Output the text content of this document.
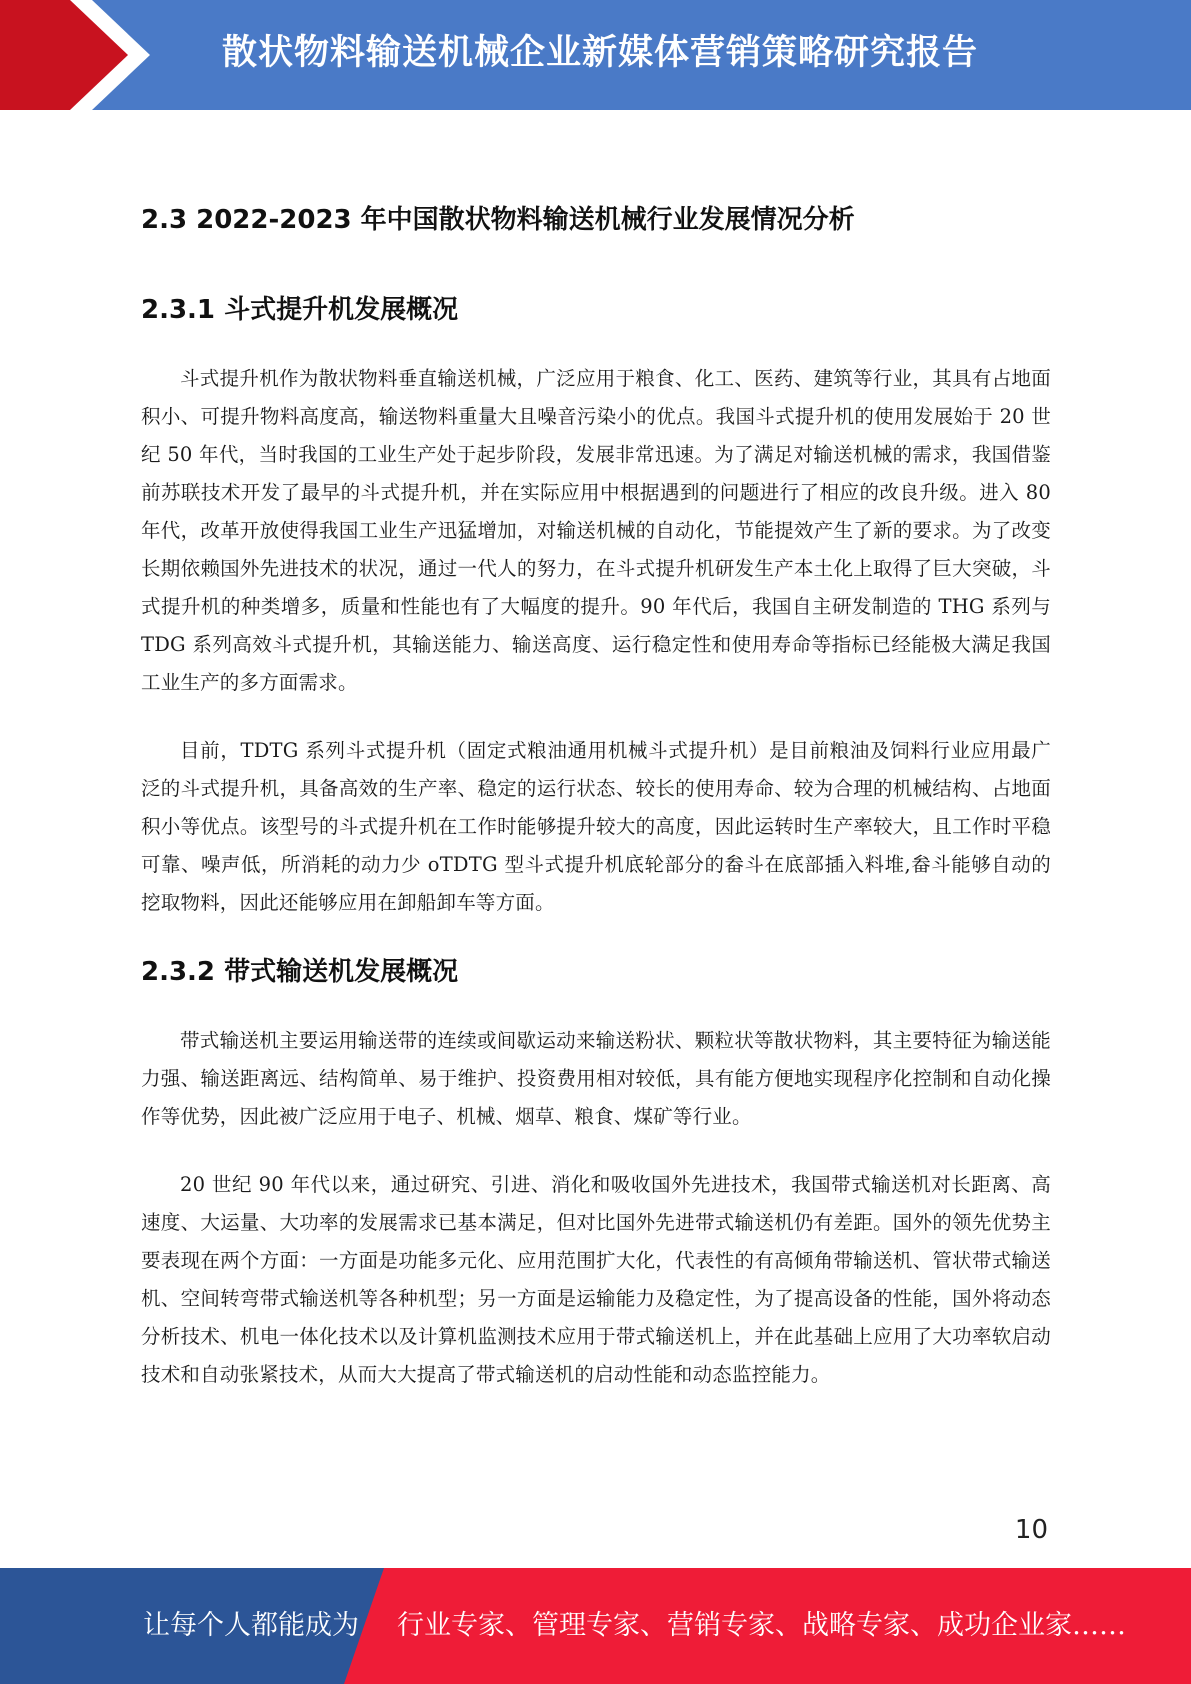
散状物料输送机械企业新媒体营销策略研究报告
2.3 2022-2023 年中国散状物料输送机械行业发展情况分析
2.3.1 斗式提升机发展概况

斗式提升机作为散状物料垂直输送机械，广泛应用于粮食、化工、医药、建筑等行业，其具有占地面积小、可提升物料高度高，输送物料重量大且噪音污染小的优点。我国斗式提升机的使用发展始于 20 世纪 50 年代，当时我国的工业生产处于起步阶段，发展非常迅速。为了满足对输送机械的需求，我国借鉴前苏联技术开发了最早的斗式提升机，并在实际应用中根据遇到的问题进行了相应的改良升级。进入 80 年代，改革开放使得我国工业生产迅猛增加，对输送机械的自动化，节能提效产生了新的要求。为了改变长期依赖国外先进技术的状况，通过一代人的努力，在斗式提升机研发生产本土化上取得了巨大突破，斗式提升机的种类增多，质量和性能也有了大幅度的提升。90 年代后，我国自主研发制造的 THG 系列与 TDG 系列高效斗式提升机，其输送能力、输送高度、运行稳定性和使用寿命等指标已经能极大满足我国工业生产的多方面需求。

目前，TDTG 系列斗式提升机（固定式粮油通用机械斗式提升机）是目前粮油及饲料行业应用最广泛的斗式提升机，具备高效的生产率、稳定的运行状态、较长的使用寿命、较为合理的机械结构、占地面积小等优点。该型号的斗式提升机在工作时能够提升较大的高度，因此运转时生产率较大，且工作时平稳可靠、噪声低，所消耗的动力少 oTDTG 型斗式提升机底轮部分的畚斗在底部插入料堆,畚斗能够自动的挖取物料，因此还能够应用在卸船卸车等方面。

2.3.2 带式输送机发展概况

带式输送机主要运用输送带的连续或间歇运动来输送粉状、颗粒状等散状物料，其主要特征为输送能力强、输送距离远、结构简单、易于维护、投资费用相对较低，具有能方便地实现程序化控制和自动化操作等优势，因此被广泛应用于电子、机械、烟草、粮食、煤矿等行业。

20 世纪 90 年代以来，通过研究、引进、消化和吸收国外先进技术，我国带式输送机对长距离、高速度、大运量、大功率的发展需求已基本满足，但对比国外先进带式输送机仍有差距。国外的领先优势主要表现在两个方面：一方面是功能多元化、应用范围扩大化，代表性的有高倾角带输送机、管状带式输送机、空间转弯带式输送机等各种机型；另一方面是运输能力及稳定性，为了提高设备的性能，国外将动态分析技术、机电一体化技术以及计算机监测技术应用于带式输送机上，并在此基础上应用了大功率软启动技术和自动张紧技术，从而大大提高了带式输送机的启动性能和动态监控能力。

10
让每个人都能成为 行业专家、管理专家、营销专家、战略专家、成功企业家……
